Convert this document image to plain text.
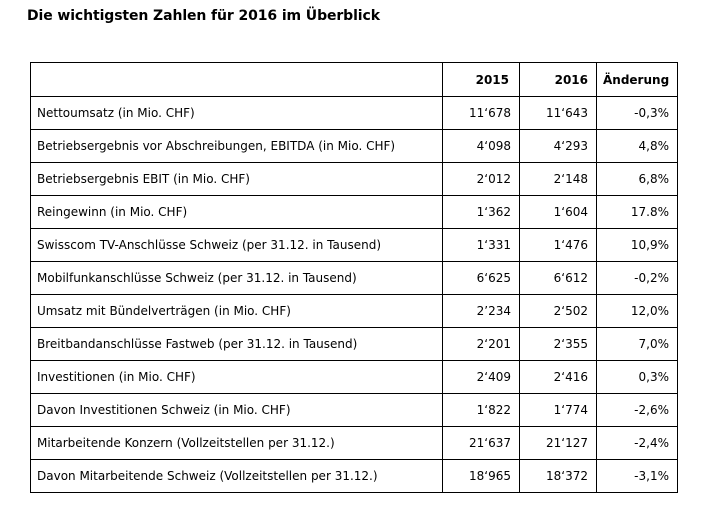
Die wichtigsten Zahlen für 2016 im Überblick
	2015	2016	Änderung
Nettoumsatz (in Mio. CHF)	11‘678	11‘643	-0,3%
Betriebsergebnis vor Abschreibungen, EBITDA (in Mio. CHF)	4‘098	4‘293	4,8%
Betriebsergebnis EBIT (in Mio. CHF)	2‘012	2‘148	6,8%
Reingewinn (in Mio. CHF)	1‘362	1‘604	17.8%
Swisscom TV-Anschlüsse Schweiz (per 31.12. in Tausend)	1‘331	1‘476	10,9%
Mobilfunkanschlüsse Schweiz (per 31.12. in Tausend)	6‘625	6‘612	-0,2%
Umsatz mit Bündelverträgen (in Mio. CHF)	2’234	2‘502	12,0%
Breitbandanschlüsse Fastweb (per 31.12. in Tausend)	2‘201	2‘355	7,0%
Investitionen (in Mio. CHF)	2‘409	2‘416	0,3%
Davon Investitionen Schweiz (in Mio. CHF)	1‘822	1‘774	-2,6%
Mitarbeitende Konzern (Vollzeitstellen per 31.12.)	21‘637	21‘127	-2,4%
Davon Mitarbeitende Schweiz (Vollzeitstellen per 31.12.)	18‘965	18‘372	-3,1%
